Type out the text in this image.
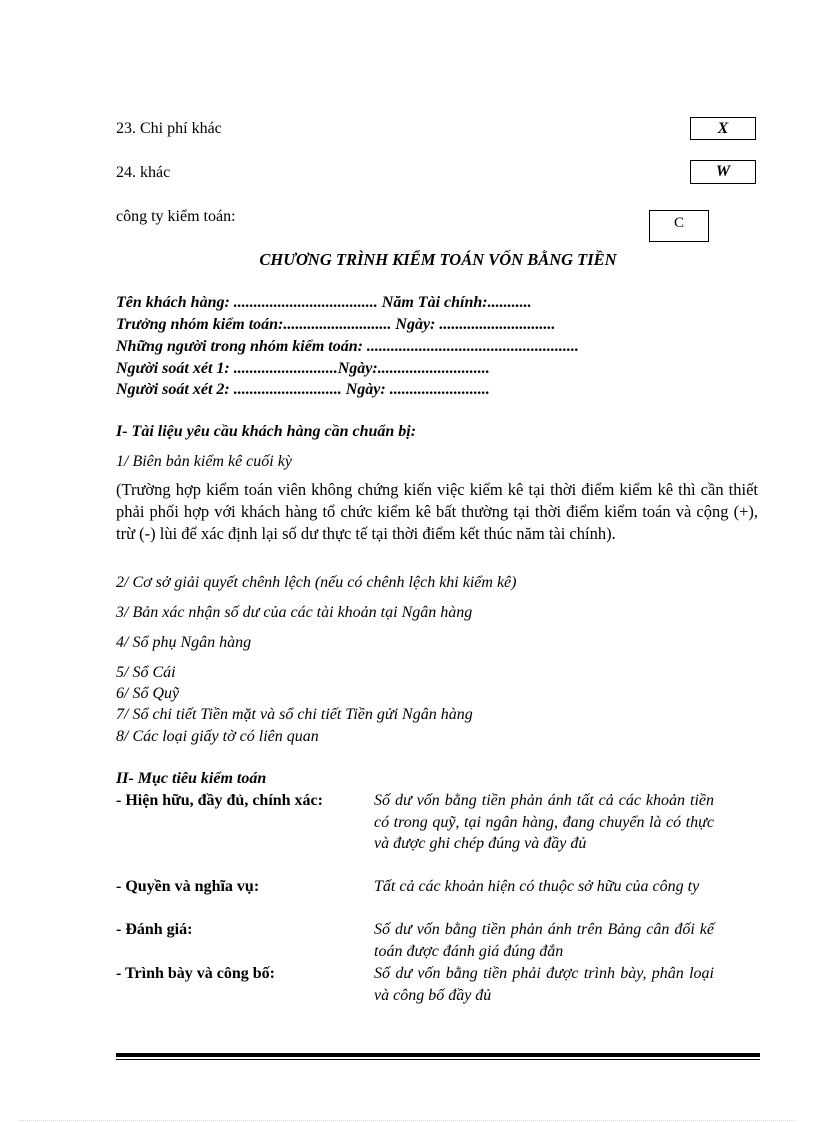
23. Chi phí khác	X
24. khác	W
công ty kiểm toán:	C
CHƯƠNG TRÌNH KIỂM TOÁN VỐN BẰNG TIỀN
Tên khách hàng: .................................... Năm Tài chính:...........
Trưởng nhóm kiểm toán:........................... Ngày: .............................
Những người trong nhóm kiểm toán: .....................................................
Người soát xét 1: ..........................Ngày:............................
Người soát xét 2: ........................... Ngày: .........................
I- Tài liệu yêu cầu khách hàng cần chuẩn bị:
1/ Biên bản kiểm kê cuối kỳ
(Trường hợp kiểm toán viên không chứng kiến việc kiểm kê tại thời điểm kiểm kê thì cần thiết phải phối hợp với khách hàng tổ chức kiểm kê bất thường tại thời điểm kiểm toán và cộng (+), trừ (-) lùi để xác định lại số dư thực tế tại thời điểm kết thúc năm tài chính).
2/ Cơ sở giải quyết chênh lệch (nếu có chênh lệch khi kiểm kê)
3/ Bản xác nhận số dư của các tài khoản tại Ngân hàng
4/ Sổ phụ Ngân hàng
5/ Sổ Cái
6/ Sổ Quỹ
7/ Sổ chi tiết Tiền mặt và sổ chi tiết Tiền gửi Ngân hàng
8/ Các loại giấy tờ có liên quan
II- Mục tiêu kiểm toán
- Hiện hữu, đầy đủ, chính xác:	Số dư vốn bằng tiền phản ánh tất cả các khoản tiền có trong quỹ, tại ngân hàng, đang chuyển là có thực và được ghi chép đúng và đầy đủ
- Quyền và nghĩa vụ:	Tất cả các khoản hiện có thuộc sở hữu của công ty
- Đánh giá:	Số dư vốn bằng tiền phản ánh trên Bảng cân đối kế toán được đánh giá đúng đắn
- Trình bày và công bố:	Số dư vốn bằng tiền phải được trình bày, phân loại và công bố đầy đủ
